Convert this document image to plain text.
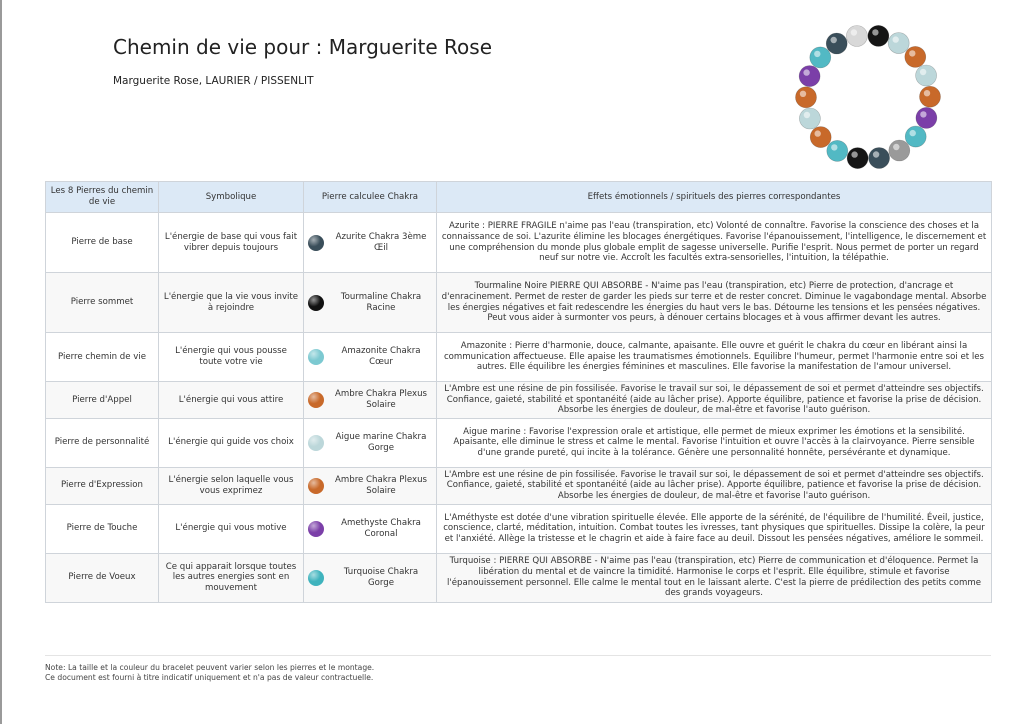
Chemin de vie pour : Marguerite Rose
Marguerite Rose, LAURIER / PISSENLIT
Les 8 Pierres du chemin de vie	Symbolique	Pierre calculee Chakra	Effets émotionnels / spirituels des pierres correspondantes
Pierre de base	L'énergie de base qui vous fait vibrer depuis toujours	Azurite Chakra 3ème Œil	Azurite : PIERRE FRAGILE n'aime pas l'eau (transpiration, etc) Volonté de connaître. Favorise la conscience des choses et la connaissance de soi. L'azurite élimine les blocages énergétiques. Favorise l'épanouissement, l'intelligence, le discernement et une compréhension du monde plus globale emplit de sagesse universelle. Purifie l'esprit. Nous permet de porter un regard neuf sur notre vie. Accroît les facultés extra-sensorielles, l'intuition, la télépathie.
Pierre sommet	L'énergie que la vie vous invite à rejoindre	Tourmaline Chakra Racine	Tourmaline Noire PIERRE QUI ABSORBE - N'aime pas l'eau (transpiration, etc) Pierre de protection, d'ancrage et d'enracinement. Permet de rester de garder les pieds sur terre et de rester concret. Diminue le vagabondage mental. Absorbe les énergies négatives et fait redescendre les énergies du haut vers le bas. Détourne les tensions et les pensées négatives. Peut vous aider à surmonter vos peurs, à dénouer certains blocages et à vous affirmer devant les autres.
Pierre chemin de vie	L'énergie qui vous pousse toute votre vie	Amazonite Chakra Cœur	Amazonite : Pierre d'harmonie, douce, calmante, apaisante. Elle ouvre et guérit le chakra du cœur en libérant ainsi la communication affectueuse. Elle apaise les traumatismes émotionnels. Equilibre l'humeur, permet l'harmonie entre soi et les autres. Elle équilibre les énergies féminines et masculines. Elle favorise la manifestation de l'amour universel.
Pierre d'Appel	L'énergie qui vous attire	Ambre Chakra Plexus Solaire	L'Ambre est une résine de pin fossilisée. Favorise le travail sur soi, le dépassement de soi et permet d'atteindre ses objectifs. Confiance, gaieté, stabilité et spontanéité (aide au lâcher prise). Apporte équilibre, patience et favorise la prise de décision. Absorbe les énergies de douleur, de mal-être et favorise l'auto guérison.
Pierre de personnalité	L'énergie qui guide vos choix	Aigue marine Chakra Gorge	Aigue marine : Favorise l'expression orale et artistique, elle permet de mieux exprimer les émotions et la sensibilité. Apaisante, elle diminue le stress et calme le mental. Favorise l'intuition et ouvre l'accès à la clairvoyance. Pierre sensible d'une grande pureté, qui incite à la tolérance. Génère une personnalité honnête, persévérante et dynamique.
Pierre d'Expression	L'énergie selon laquelle vous vous exprimez	Ambre Chakra Plexus Solaire	L'Ambre est une résine de pin fossilisée. Favorise le travail sur soi, le dépassement de soi et permet d'atteindre ses objectifs. Confiance, gaieté, stabilité et spontanéité (aide au lâcher prise). Apporte équilibre, patience et favorise la prise de décision. Absorbe les énergies de douleur, de mal-être et favorise l'auto guérison.
Pierre de Touche	L'énergie qui vous motive	Amethyste Chakra Coronal	L'Améthyste est dotée d'une vibration spirituelle élevée. Elle apporte de la sérénité, de l'équilibre de l'humilité. Éveil, justice, conscience, clarté, méditation, intuition. Combat toutes les ivresses, tant physiques que spirituelles. Dissipe la colère, la peur et l'anxiété. Allège la tristesse et le chagrin et aide à faire face au deuil. Dissout les pensées négatives, améliore le sommeil.
Pierre de Voeux	Ce qui apparait lorsque toutes les autres energies sont en mouvement	Turquoise Chakra Gorge	Turquoise : PIERRE QUI ABSORBE - N'aime pas l'eau (transpiration, etc) Pierre de communication et d'éloquence. Permet la libération du mental et de vaincre la timidité. Harmonise le corps et l'esprit. Elle équilibre, stimule et favorise l'épanouissement personnel. Elle calme le mental tout en le laissant alerte. C'est la pierre de prédilection des petits comme des grands voyageurs.
Note: La taille et la couleur du bracelet peuvent varier selon les pierres et le montage.
Ce document est fourni à titre indicatif uniquement et n'a pas de valeur contractuelle.
